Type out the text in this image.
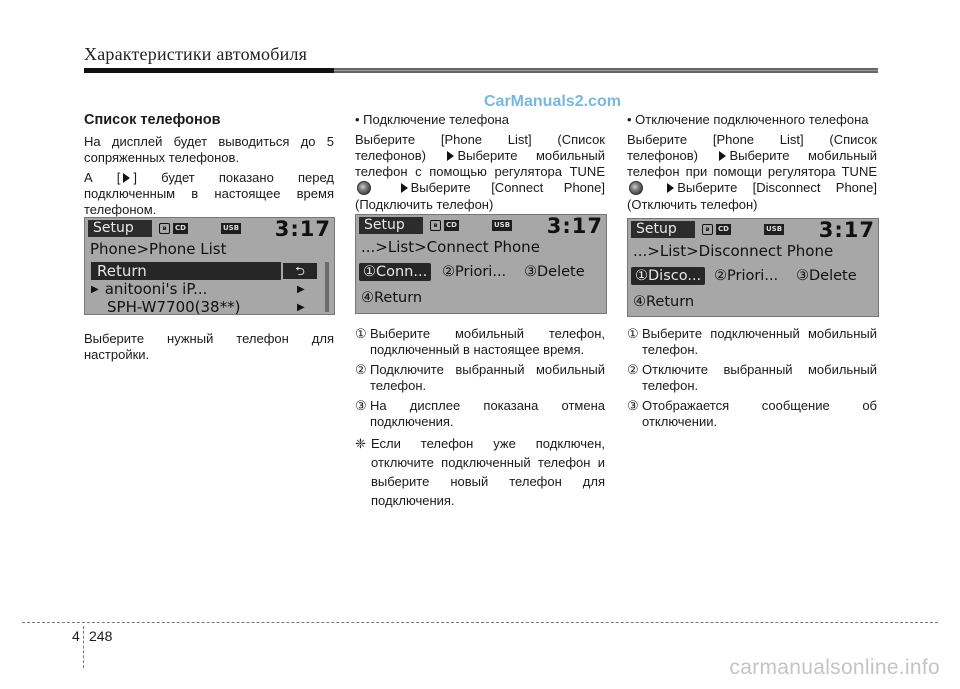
Характеристики автомобиля
CarManuals2.com
Список телефонов

На дисплей будет выводиться до 5 сопряженных телефонов.

А [ ] будет показано перед подключенным в настоящее время телефоном.

Setup	ʙ	CD	USB 3:17
Phone>Phone List
Return	⮌
▶ anitooni's iP...	▶
SPH-W7700(38**)	▶

Выберите нужный телефон для настройки.

• Подключение телефона

Выберите [Phone List] (Список телефонов) Выберите мобильный телефон с помощью регулятора TUNE  Выберите [Connect Phone] (Подключить телефон)

Setup	ʙ	CD	USB 3:17
...>List>Connect Phone
①Conn... ②Priori... ③Delete
④Return
① Выберите мобильный телефон, подключенный в настоящее время.
② Подключите выбранный мобильный телефон.
③ На дисплее показана отмена подключения.
❈ Если телефон уже подключен, отключите подключенный телефон и выберите новый телефон для подключения.
• Отключение подключенного телефона

Выберите [Phone List] (Список телефонов) Выберите мобильный телефон при помощи регулятора TUNE  Выберите [Disconnect Phone] (Отключить телефон)

Setup	ʙ	CD	USB 3:17
...>List>Disconnect Phone
①Disco... ②Priori... ③Delete
④Return
① Выберите подключенный мобильный телефон.
② Отключите выбранный мобильный телефон.
③ Отображается сообщение об отключении.
4 248
carmanualsonline.info
